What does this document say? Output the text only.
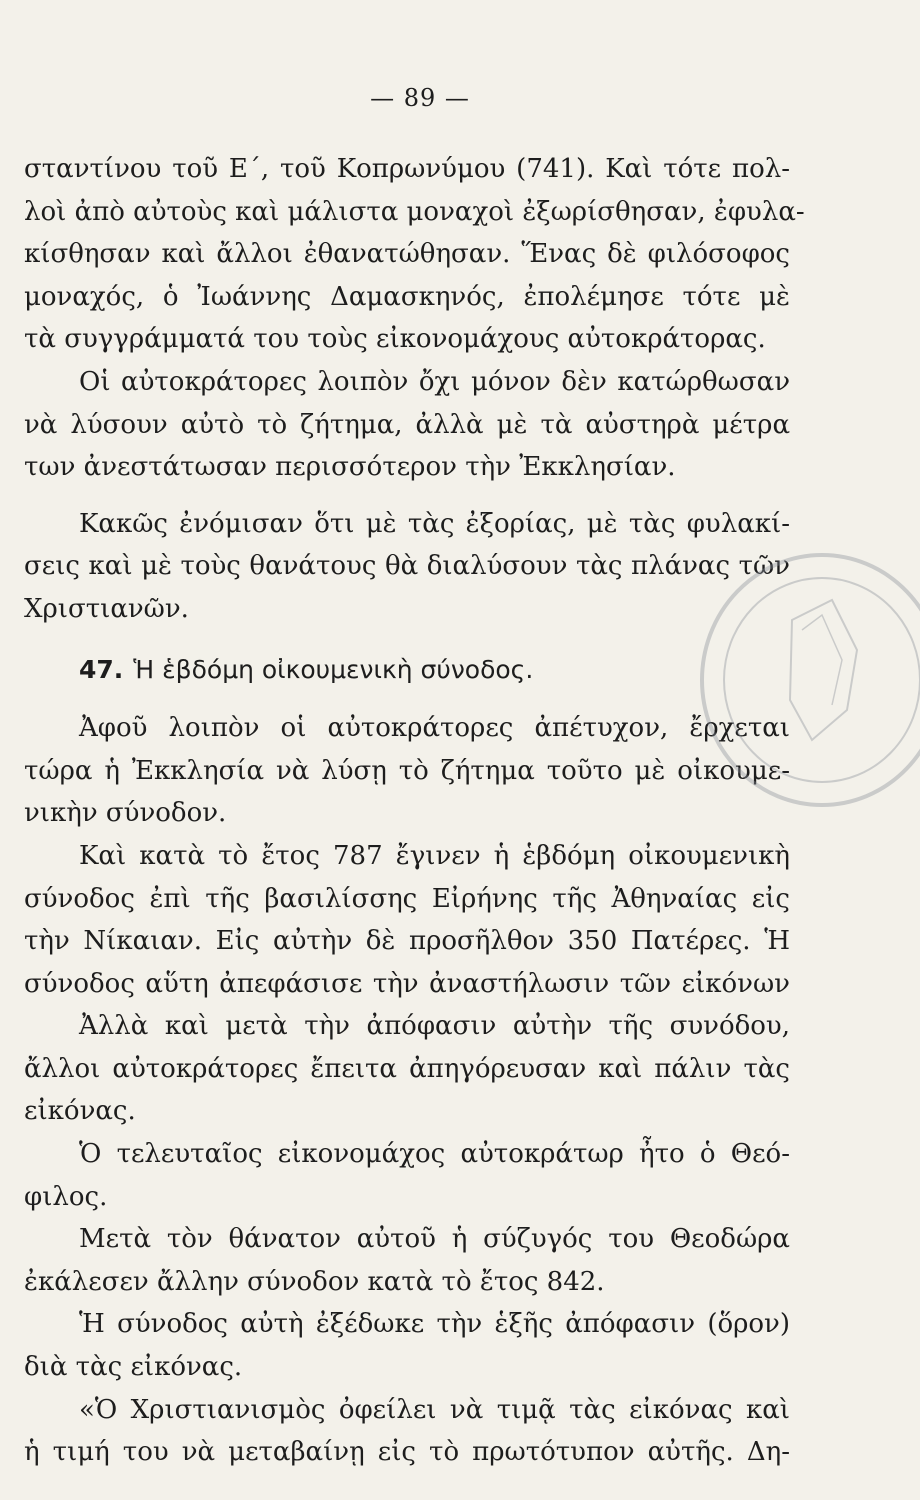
— 89 —
σταντίνου τοῦ Ε΄, τοῦ Κοπρωνύμου (741). Καὶ τότε πολ-
λοὶ ἀπὸ αὐτοὺς καὶ μάλιστα μοναχοὶ ἐξωρίσθησαν, ἐφυλα-
κίσθησαν καὶ ἄλλοι ἐθανατώθησαν. Ἕνας δὲ φιλόσοφος
μοναχός, ὁ Ἰωάννης Δαμασκηνός, ἐπολέμησε τότε μὲ
τὰ συγγράμματά του τοὺς εἰκονομάχους αὐτοκράτορας.
Οἱ αὐτοκράτορες λοιπὸν ὄχι μόνον δὲν κατώρθωσαν
νὰ λύσουν αὐτὸ τὸ ζήτημα, ἀλλὰ μὲ τὰ αὐστηρὰ μέτρα
των ἀνεστάτωσαν περισσότερον τὴν Ἐκκλησίαν.
Κακῶς ἐνόμισαν ὅτι μὲ τὰς ἐξορίας, μὲ τὰς φυλακί-
σεις καὶ μὲ τοὺς θανάτους θὰ διαλύσουν τὰς πλάνας τῶν
Χριστιανῶν.
47. Ἡ ἑβδόμη οἰκουμενικὴ σύνοδος.
Ἀφοῦ λοιπὸν οἱ αὐτοκράτορες ἀπέτυχον, ἔρχεται
τώρα ἡ Ἐκκλησία νὰ λύσῃ τὸ ζήτημα τοῦτο μὲ οἰκουμε-
νικὴν σύνοδον.
Καὶ κατὰ τὸ ἔτος 787 ἔγινεν ἡ ἑβδόμη οἰκουμενικὴ
σύνοδος ἐπὶ τῆς βασιλίσσης Εἰρήνης τῆς Ἀθηναίας εἰς
τὴν Νίκαιαν. Εἰς αὐτὴν δὲ προσῆλθον 350 Πατέρες. Ἡ
σύνοδος αὕτη ἀπεφάσισε τὴν ἀναστήλωσιν τῶν εἰκόνων
Ἀλλὰ καὶ μετὰ τὴν ἀπόφασιν αὐτὴν τῆς συνόδου,
ἄλλοι αὐτοκράτορες ἔπειτα ἀπηγόρευσαν καὶ πάλιν τὰς
εἰκόνας.
Ὁ τελευταῖος εἰκονομάχος αὐτοκράτωρ ἦτο ὁ Θεό-
φιλος.
Μετὰ τὸν θάνατον αὐτοῦ ἡ σύζυγός του Θεοδώρα
ἐκάλεσεν ἄλλην σύνοδον κατὰ τὸ ἔτος 842.
Ἡ σύνοδος αὐτὴ ἐξέδωκε τὴν ἑξῆς ἀπόφασιν (ὅρον)
διὰ τὰς εἰκόνας.
«Ὁ Χριστιανισμὸς ὀφείλει νὰ τιμᾷ τὰς εἰκόνας καὶ
ἡ τιμή του νὰ μεταβαίνῃ εἰς τὸ πρωτότυπον αὐτῆς. Δη-
